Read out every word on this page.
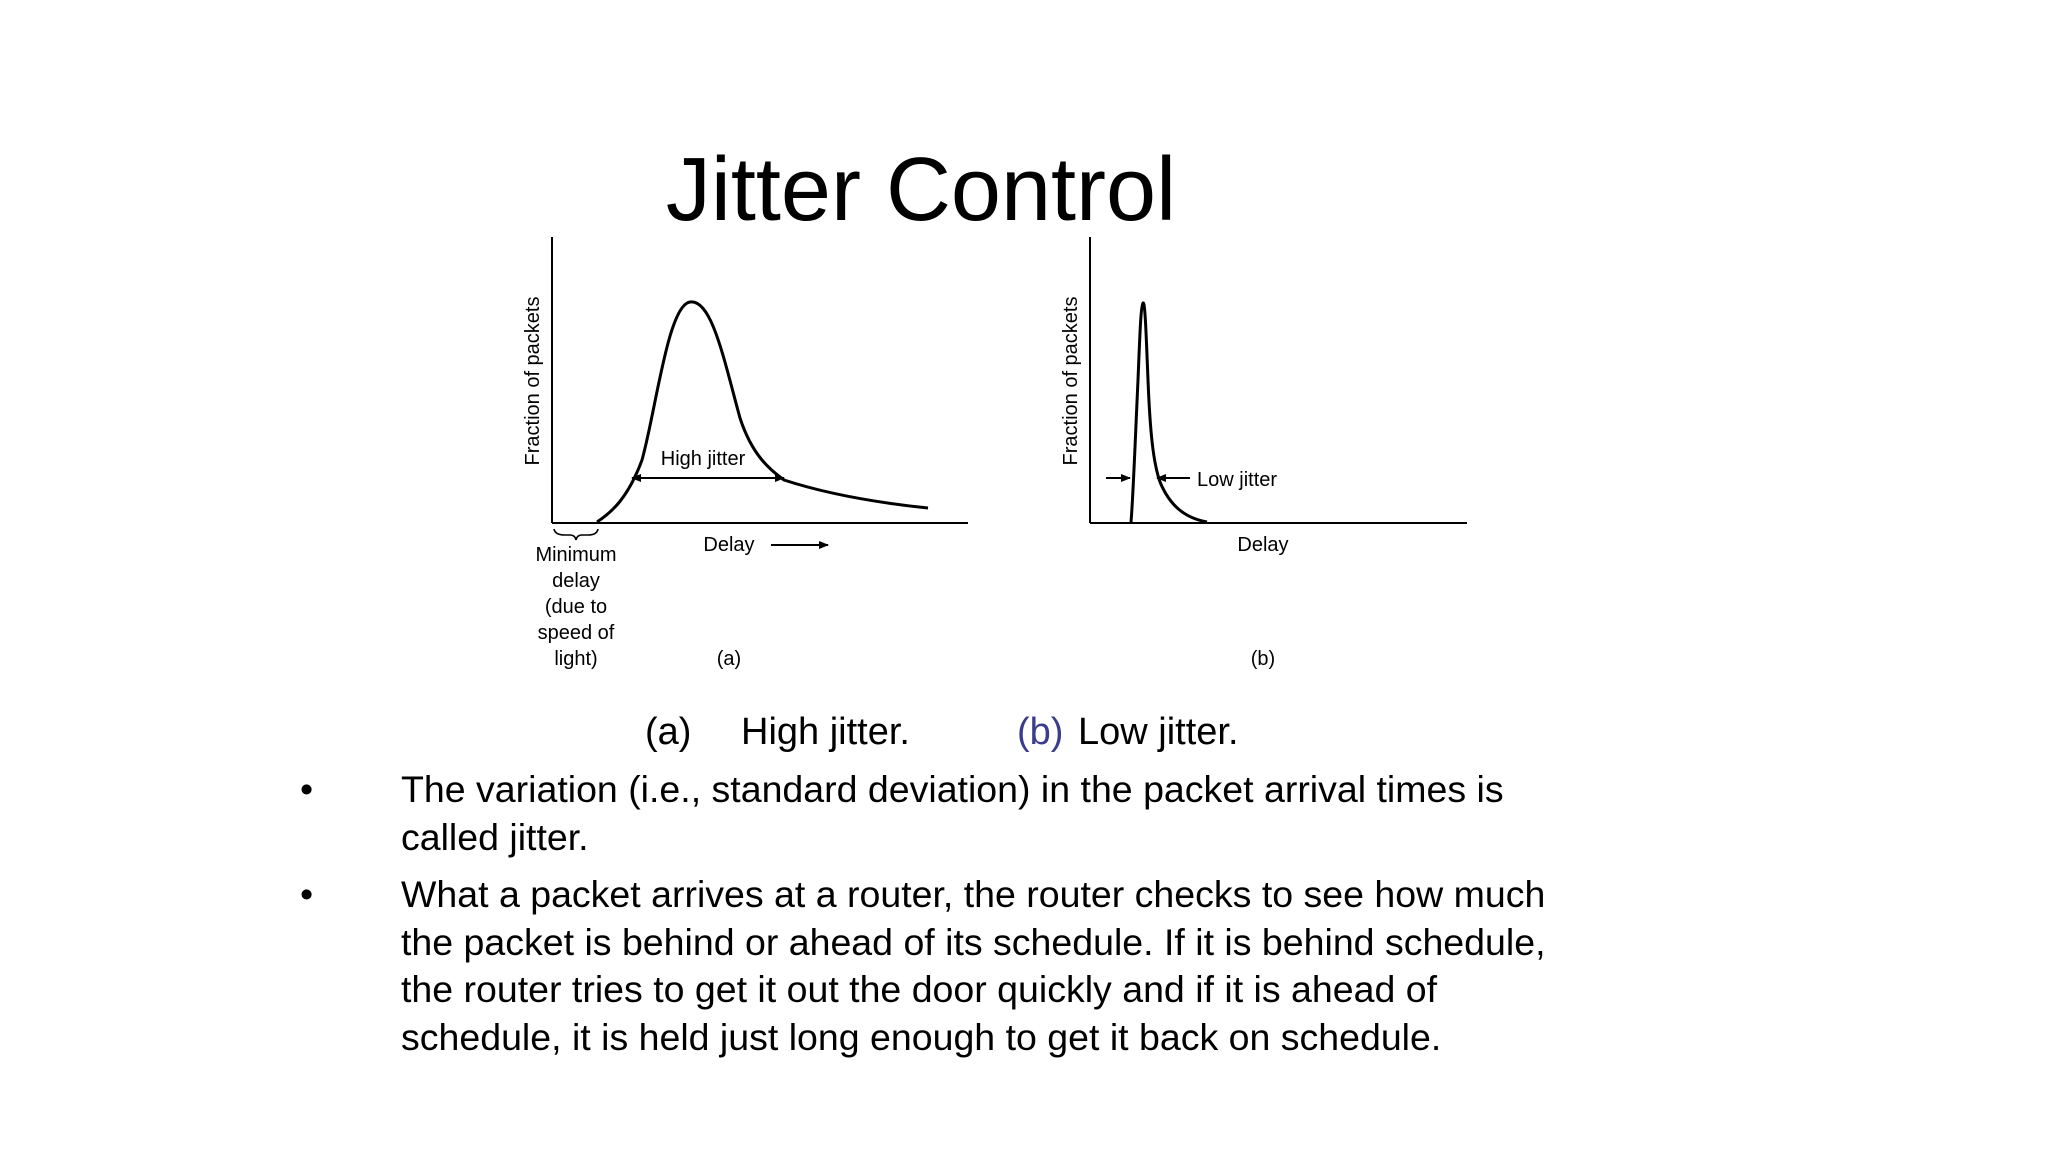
Jitter Control
High jitter
Fraction of packets
Delay
Minimum
delay
(due to
speed of
light)	(a)
Low jitter
Fraction of packets
Delay
(b)
(a) High jitter.	(b) Low jitter.
• The variation (i.e., standard deviation) in the packet arrival times is called jitter.
• What a packet arrives at a router, the router checks to see how much the packet is behind or ahead of its schedule. If it is behind schedule, the router tries to get it out the door quickly and if it is ahead of schedule, it is held just long enough to get it back on schedule.
